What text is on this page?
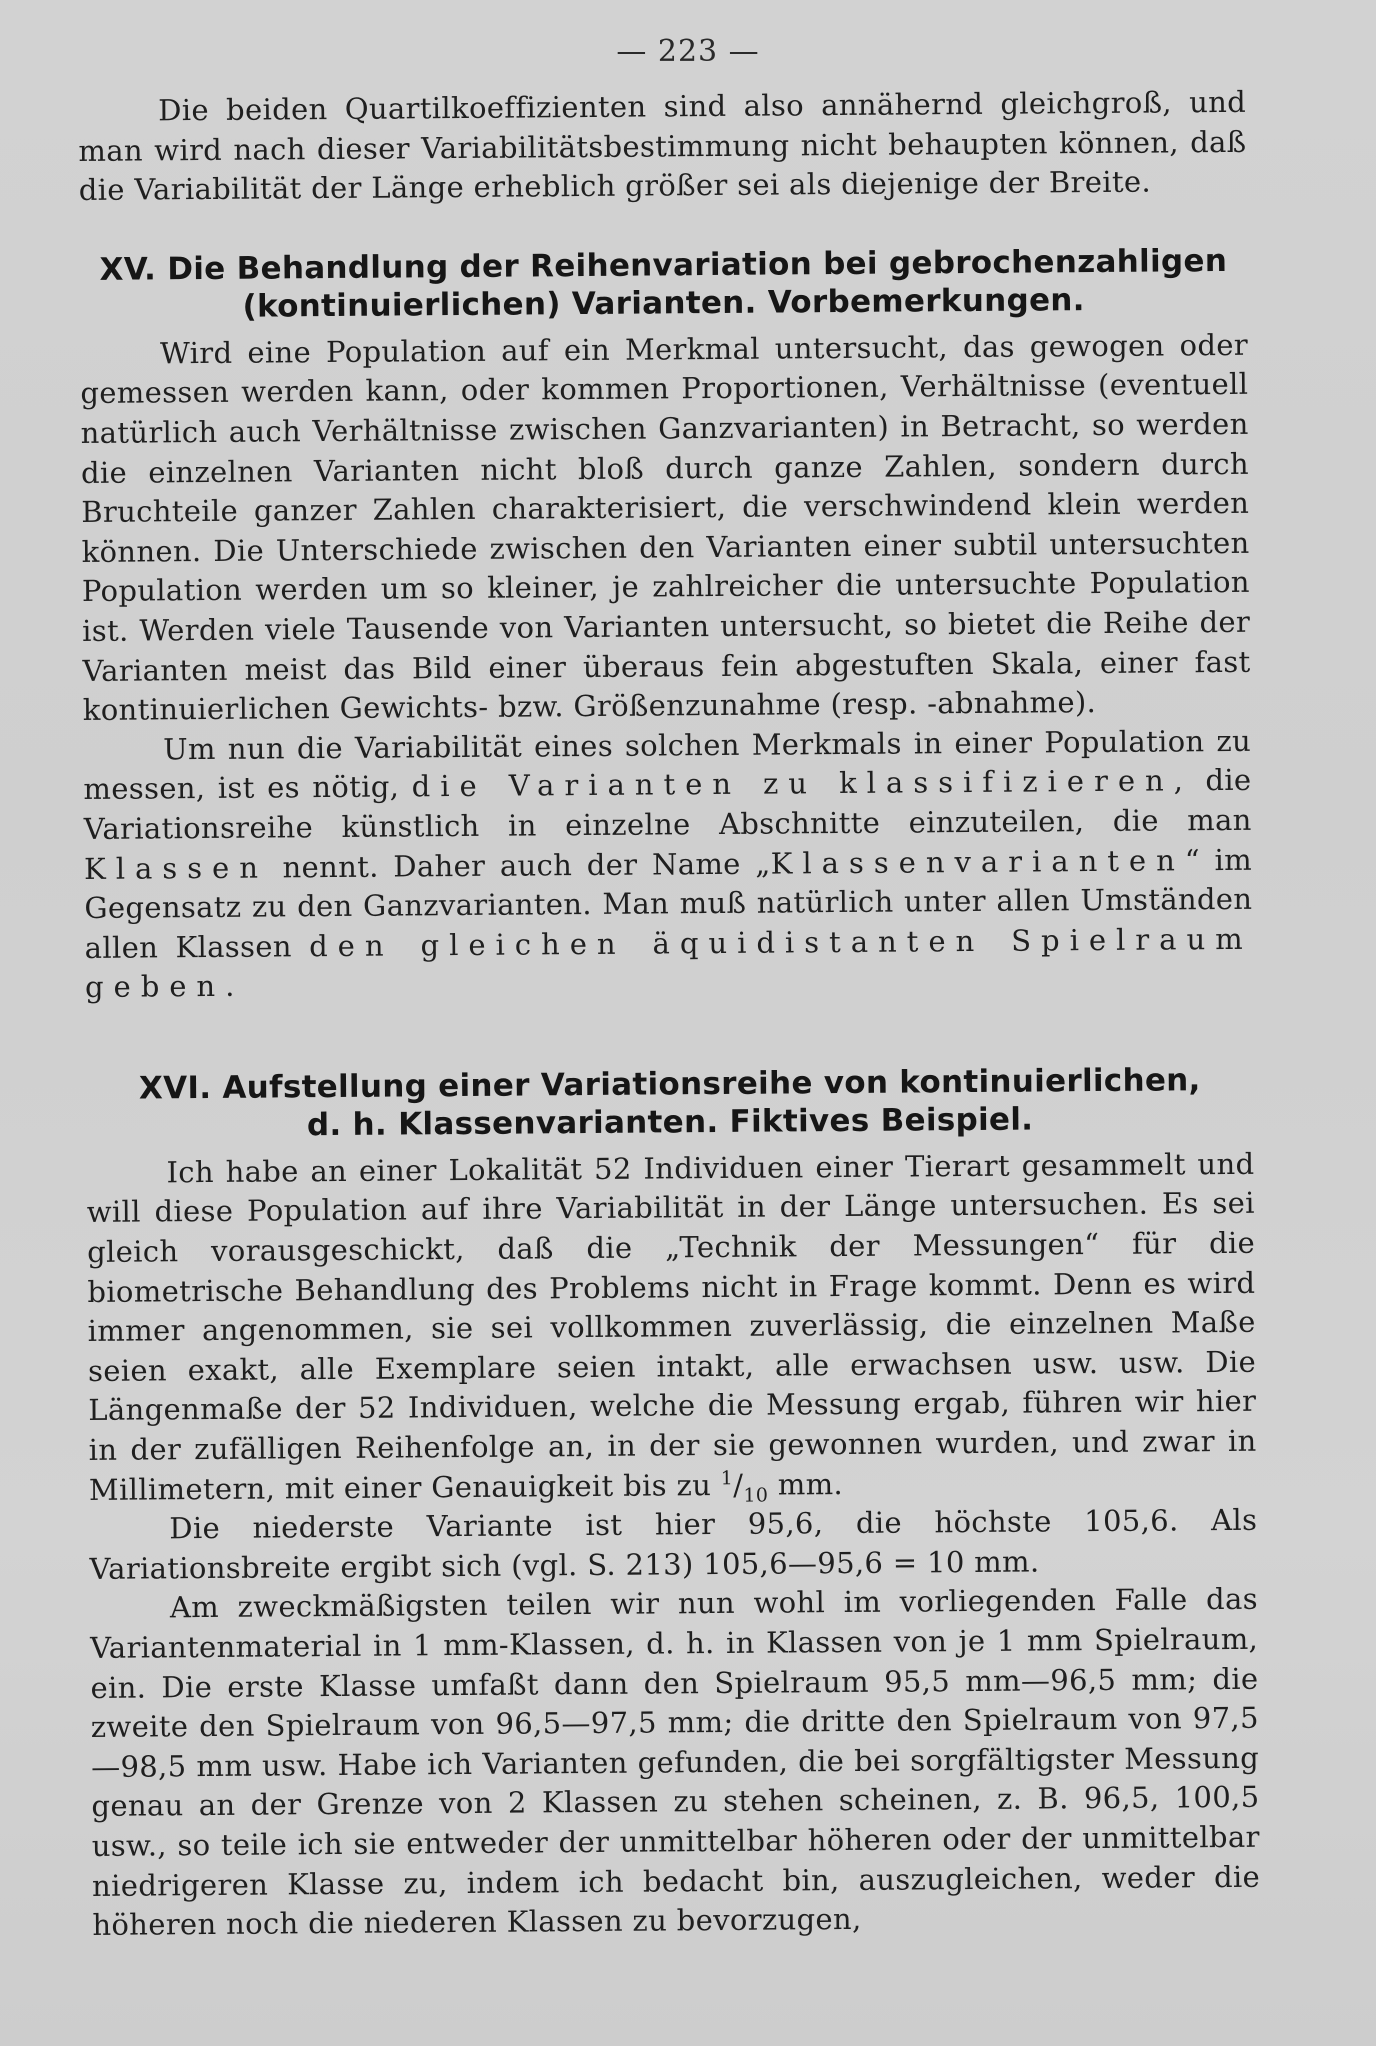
— 223 —

Die beiden Quartilkoeffizienten sind also annähernd gleichgroß, und man wird nach dieser Variabilitätsbestimmung nicht behaupten können, daß die Variabilität der Länge erheblich größer sei als diejenige der Breite.

XV. Die Behandlung der Reihenvariation bei gebrochenzahligen

(kontinuierlichen) Varianten. Vorbemerkungen.

Wird eine Population auf ein Merkmal untersucht, das gewogen oder gemessen werden kann, oder kommen Proportionen, Verhältnisse (eventuell natürlich auch Verhältnisse zwischen Ganzvarianten) in Betracht, so werden die einzelnen Varianten nicht bloß durch ganze Zahlen, sondern durch Bruchteile ganzer Zahlen charakterisiert, die verschwindend klein werden können. Die Unterschiede zwischen den Varianten einer subtil untersuchten Population werden um so kleiner, je zahlreicher die untersuchte Population ist. Werden viele Tausende von Varianten untersucht, so bietet die Reihe der Varianten meist das Bild einer überaus fein abgestuften Skala, einer fast kontinuierlichen Gewichts- bzw. Größenzunahme (resp. -abnahme).

Um nun die Variabilität eines solchen Merkmals in einer Population zu messen, ist es nötig, die Varianten zu klassifizieren, die Variationsreihe künstlich in einzelne Abschnitte einzuteilen, die man Klassen nennt. Daher auch der Name „Klassenvarianten“ im Gegensatz zu den Ganzvarianten. Man muß natürlich unter allen Umständen allen Klassen den gleichen äquidistanten Spielraum geben.

XVI. Aufstellung einer Variationsreihe von kontinuierlichen,

d. h. Klassenvarianten. Fiktives Beispiel.

Ich habe an einer Lokalität 52 Individuen einer Tierart gesammelt und will diese Population auf ihre Variabilität in der Länge untersuchen. Es sei gleich vorausgeschickt, daß die „Technik der Messungen“ für die biometrische Behandlung des Problems nicht in Frage kommt. Denn es wird immer angenommen, sie sei vollkommen zuverlässig, die einzelnen Maße seien exakt, alle Exemplare seien intakt, alle erwachsen usw. usw. Die Längenmaße der 52 Individuen, welche die Messung ergab, führen wir hier in der zufälligen Reihenfolge an, in der sie gewonnen wurden, und zwar in Millimetern, mit einer Genauigkeit bis zu $^1/_{10}$ mm.

Die niederste Variante ist hier 95,6, die höchste 105,6. Als Variationsbreite ergibt sich (vgl. S. 213) 105,6—95,6 = 10 mm.

Am zweckmäßigsten teilen wir nun wohl im vorliegenden Falle das Variantenmaterial in 1 mm-Klassen, d. h. in Klassen von je 1 mm Spielraum, ein. Die erste Klasse umfaßt dann den Spielraum 95,5 mm—96,5 mm; die zweite den Spielraum von 96,5—97,5 mm; die dritte den Spielraum von 97,5—98,5 mm usw. Habe ich Varianten gefunden, die bei sorgfältigster Messung genau an der Grenze von 2 Klassen zu stehen scheinen, z. B. 96,5, 100,5 usw., so teile ich sie entweder der unmittelbar höheren oder der unmittelbar niedrigeren Klasse zu, indem ich bedacht bin, auszugleichen, weder die höheren noch die niederen Klassen zu bevorzugen,
